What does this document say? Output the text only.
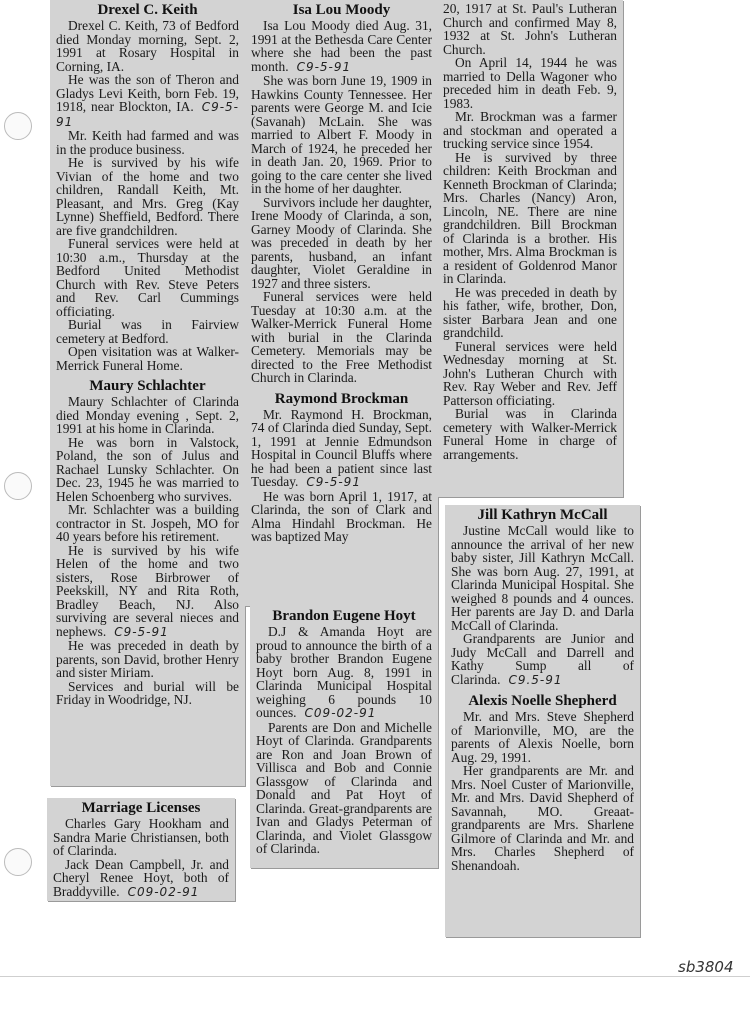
Drexel C. Keith

Drexel C. Keith, 73 of Bedford died Monday morning, Sept. 2, 1991 at Rosary Hospital in Corning, IA.

He was the son of Theron and Gladys Levi Keith, born Feb. 19, 1918, near Blockton, IA. C9-5-91

Mr. Keith had farmed and was in the produce business.

He is survived by his wife Vivian of the home and two children, Randall Keith, Mt. Pleasant, and Mrs. Greg (Kay Lynne) Sheffield, Bedford. There are five grandchildren.

Funeral services were held at 10:30 a.m., Thursday at the Bedford United Methodist Church with Rev. Steve Peters and Rev. Carl Cummings officiating.

Burial was in Fairview cemetery at Bedford.

Open visitation was at Walker-Merrick Funeral Home.

Maury Schlachter

Maury Schlachter of Clarinda died Monday evening , Sept. 2, 1991 at his home in Clarinda.

He was born in Valstock, Poland, the son of Julus and Rachael Lunsky Schlachter. On Dec. 23, 1945 he was married to Helen Schoenberg who survives.

Mr. Schlachter was a building contractor in St. Jospeh, MO for 40 years before his retirement.

He is survived by his wife Helen of the home and two sisters, Rose Birbrower of Peekskill, NY and Rita Roth, Bradley Beach, NJ. Also surviving are several nieces and nephews. C9-5-91

He was preceded in death by parents, son David, brother Henry and sister Miriam.

Services and burial will be Friday in Woodridge, NJ.

Marriage Licenses

Charles Gary Hookham and Sandra Marie Christiansen, both of Clarinda.

Jack Dean Campbell, Jr. and Cheryl Renee Hoyt, both of Braddyville. C09-02-91

Isa Lou Moody

Isa Lou Moody died Aug. 31, 1991 at the Bethesda Care Center where she had been the past month. C9-5-91

She was born June 19, 1909 in Hawkins County Tennessee. Her parents were George M. and Icie (Savanah) McLain. She was married to Albert F. Moody in March of 1924, he preceded her in death Jan. 20, 1969. Prior to going to the care center she lived in the home of her daughter.

Survivors include her daughter, Irene Moody of Clarinda, a son, Garney Moody of Clarinda. She was preceded in death by her parents, husband, an infant daughter, Violet Geraldine in 1927 and three sisters.

Funeral services were held Tuesday at 10:30 a.m. at the Walker-Merrick Funeral Home with burial in the Clarinda Cemetery. Memorials may be directed to the Free Methodist Church in Clarinda.

Raymond Brockman

Mr. Raymond H. Brockman, 74 of Clarinda died Sunday, Sept. 1, 1991 at Jennie Edmundson Hospital in Council Bluffs where he had been a patient since last Tuesday. C9-5-91

He was born April 1, 1917, at Clarinda, the son of Clark and Alma Hindahl Brockman. He was baptized May

Brandon Eugene Hoyt

D.J & Amanda Hoyt are proud to announce the birth of a baby brother Brandon Eugene Hoyt born Aug. 8, 1991 in Clarinda Municipal Hospital weighing 6 pounds 10 ounces. C09-02-91

Parents are Don and Michelle Hoyt of Clarinda. Grandparents are Ron and Joan Brown of Villisca and Bob and Connie Glassgow of Clarinda and Donald and Pat Hoyt of Clarinda. Great-grandparents are Ivan and Gladys Peterman of Clarinda, and Violet Glassgow of Clarinda.

20, 1917 at St. Paul's Lutheran Church and confirmed May 8, 1932 at St. John's Lutheran Church.

On April 14, 1944 he was married to Della Wagoner who preceded him in death Feb. 9, 1983.

Mr. Brockman was a farmer and stockman and operated a trucking service since 1954.

He is survived by three children: Keith Brockman and Kenneth Brockman of Clarinda; Mrs. Charles (Nancy) Aron, Lincoln, NE. There are nine grandchildren. Bill Brockman of Clarinda is a brother. His mother, Mrs. Alma Brockman is a resident of Goldenrod Manor in Clarinda.

He was preceded in death by his father, wife, brother, Don, sister Barbara Jean and one grandchild.

Funeral services were held Wednesday morning at St. John's Lutheran Church with Rev. Ray Weber and Rev. Jeff Patterson officiating.

Burial was in Clarinda cemetery with Walker-Merrick Funeral Home in charge of arrangements.

Jill Kathryn McCall

Justine McCall would like to announce the arrival of her new baby sister, Jill Kathryn McCall. She was born Aug. 27, 1991, at Clarinda Municipal Hospital. She weighed 8 pounds and 4 ounces. Her parents are Jay D. and Darla McCall of Clarinda.

Grandparents are Junior and Judy McCall and Darrell and Kathy Sump all of Clarinda. C9.5-91

Alexis Noelle Shepherd

Mr. and Mrs. Steve Shepherd of Marionville, MO, are the parents of Alexis Noelle, born Aug. 29, 1991.

Her grandparents are Mr. and Mrs. Noel Custer of Marionville, Mr. and Mrs. David Shepherd of Savannah, MO. Greaat-grandparents are Mrs. Sharlene Gilmore of Clarinda and Mr. and Mrs. Charles Shepherd of Shenandoah.

sb3804
